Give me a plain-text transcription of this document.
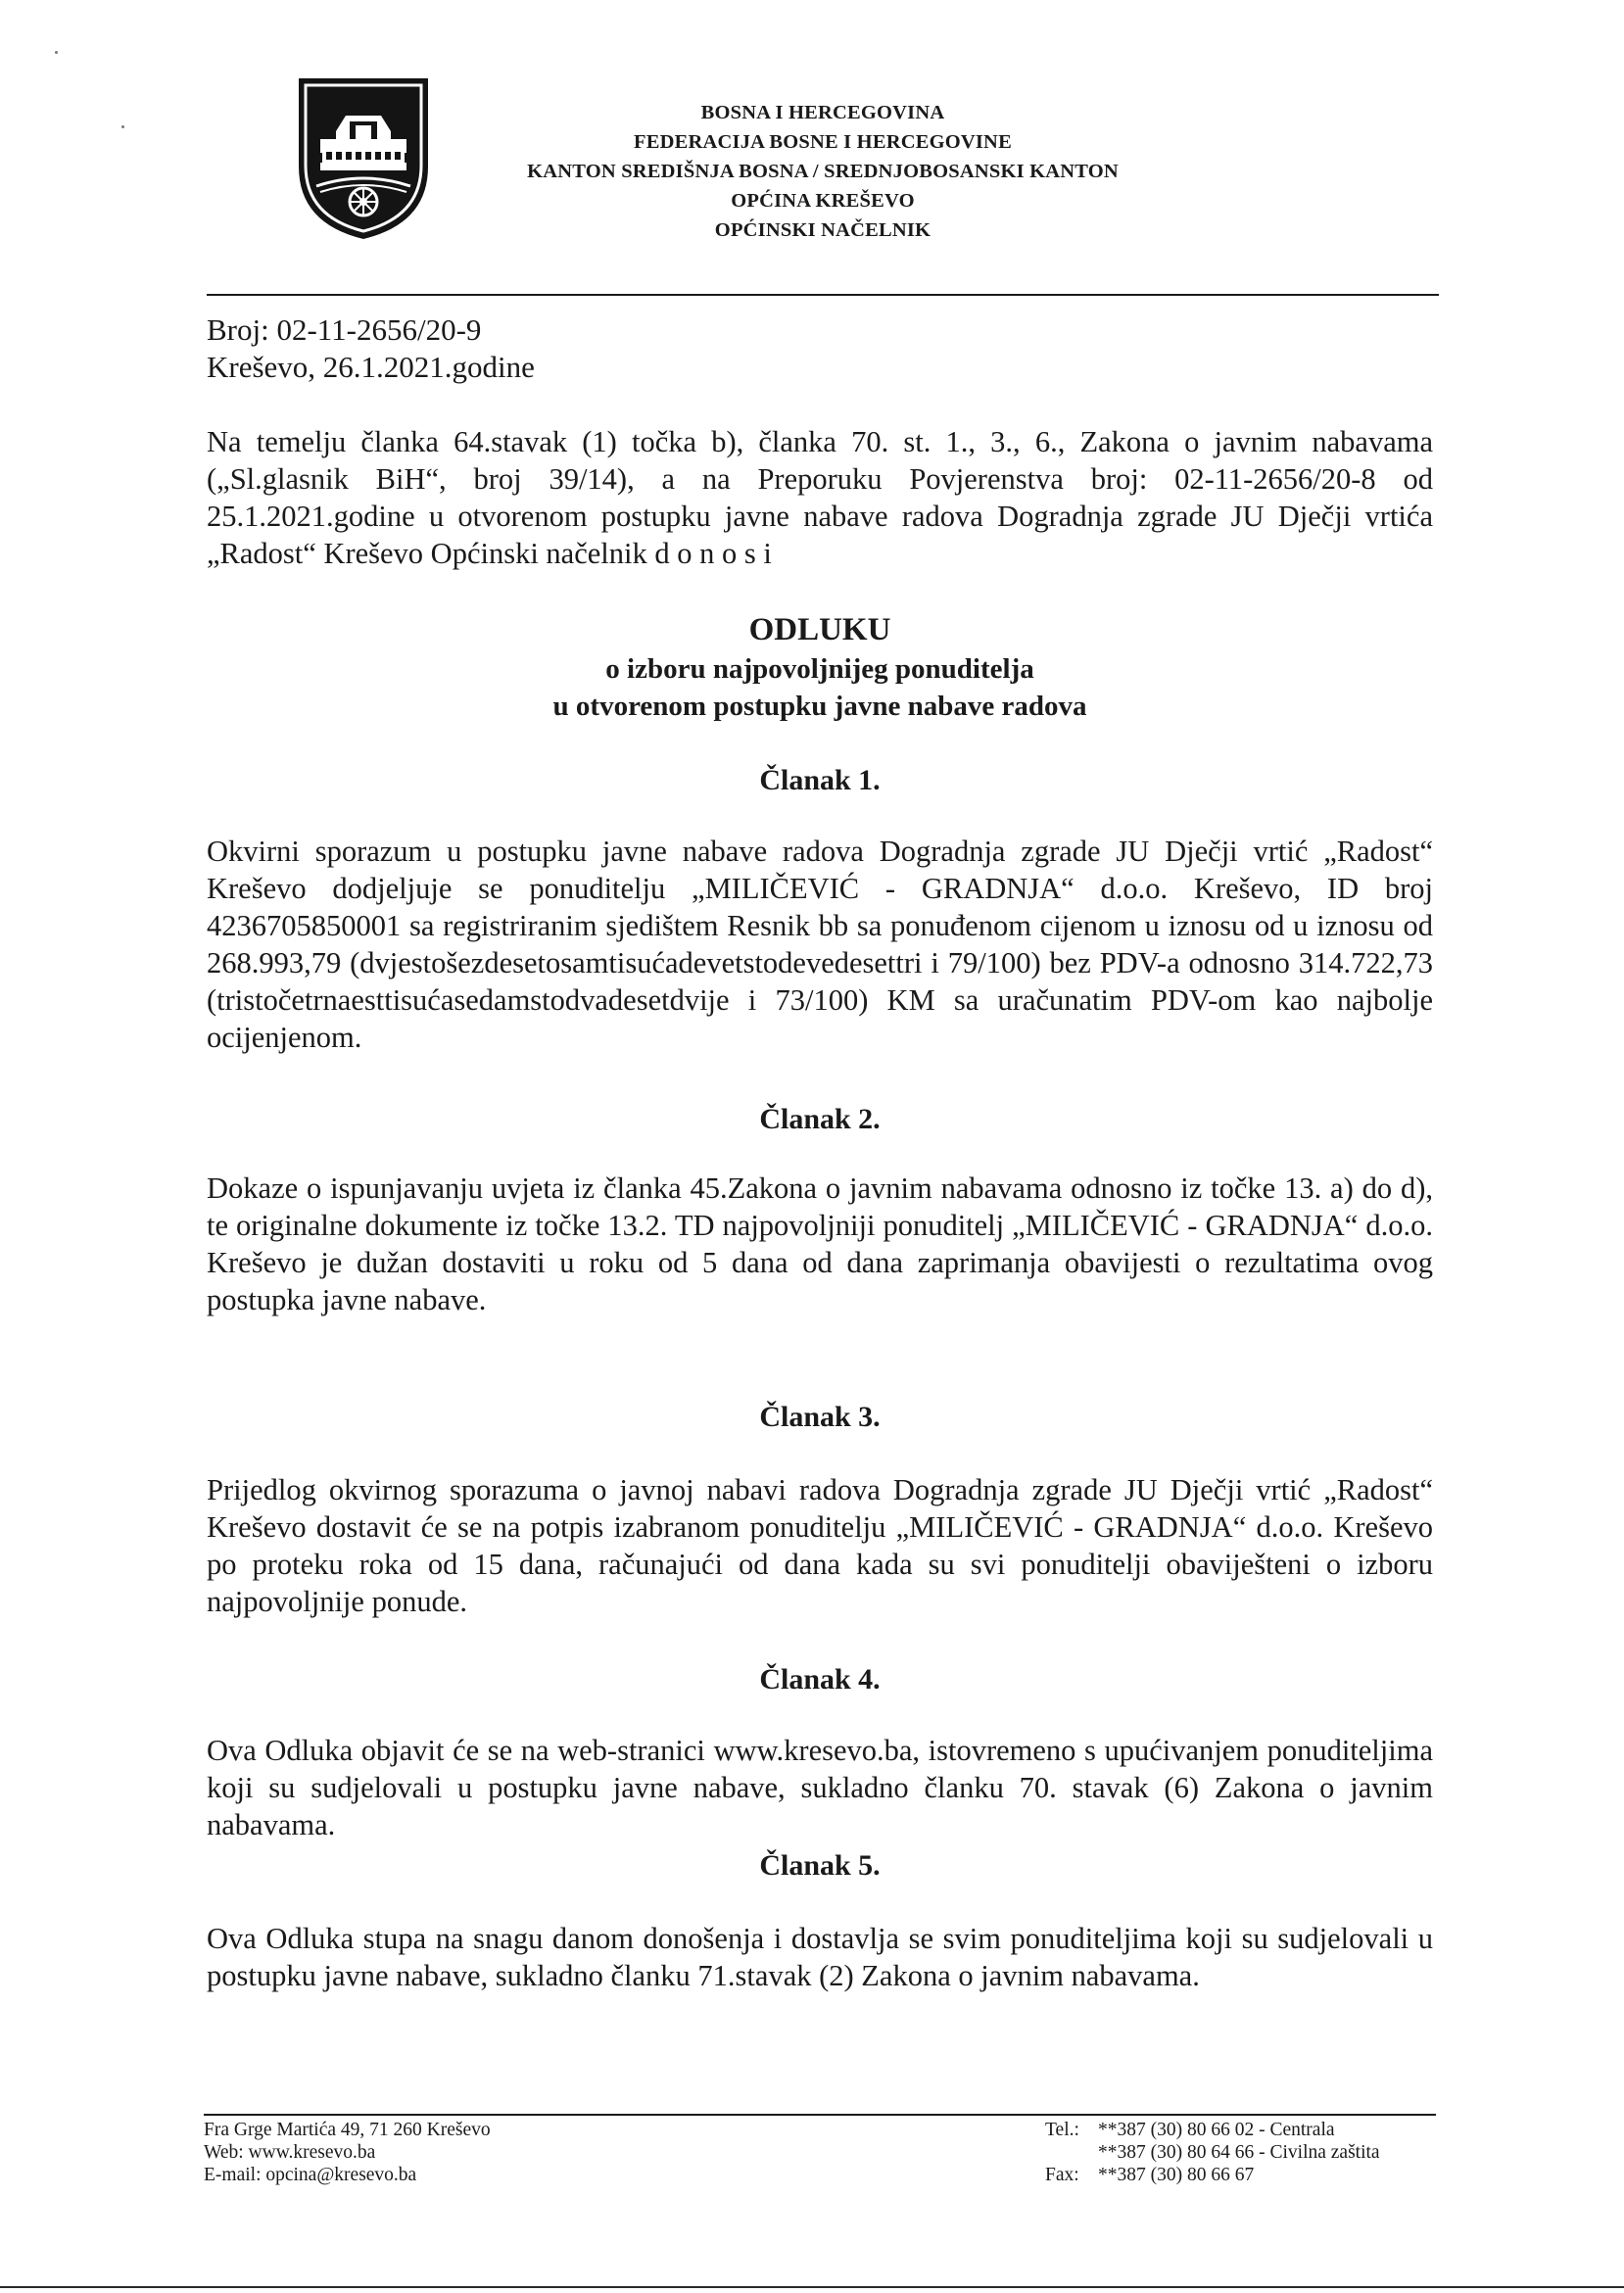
BOSNA I HERCEGOVINA
FEDERACIJA BOSNE I HERCEGOVINE
KANTON SREDIŠNJA BOSNA / SREDNJOBOSANSKI KANTON
OPĆINA KREŠEVO
OPĆINSKI NAČELNIK
Broj: 02-11-2656/20-9
Kreševo, 26.1.2021.godine
Na temelju članka 64.stavak (1) točka b), članka 70. st. 1., 3., 6., Zakona o javnim nabavama („Sl.glasnik BiH“, broj 39/14), a na Preporuku Povjerenstva broj: 02-11-2656/20-8 od 25.1.2021.godine u otvorenom postupku javne nabave radova Dogradnja zgrade JU Dječji vrtića „Radost“ Kreševo Općinski načelnik d o n o s i
ODLUKU
o izboru najpovoljnijeg ponuditelja
u otvorenom postupku javne nabave radova
Članak 1.
Okvirni sporazum u postupku javne nabave radova Dogradnja zgrade JU Dječji vrtić „Radost“ Kreševo dodjeljuje se ponuditelju „MILIČEVIĆ - GRADNJA“ d.o.o. Kreševo, ID broj 4236705850001 sa registriranim sjedištem Resnik bb sa ponuđenom cijenom u iznosu od u iznosu od 268.993,79 (dvjestošezdesetosamtisućadevetstodevedesettri i 79/100) bez PDV-a odnosno 314.722,73 (tristočetrnaesttisućasedamstodvadesetdvije i 73/100) KM sa uračunatim PDV-om kao najbolje ocijenjenom.
Članak 2.
Dokaze o ispunjavanju uvjeta iz članka 45.Zakona o javnim nabavama odnosno iz točke 13. a) do d), te originalne dokumente iz točke 13.2. TD najpovoljniji ponuditelj „MILIČEVIĆ - GRADNJA“ d.o.o. Kreševo je dužan dostaviti u roku od 5 dana od dana zaprimanja obavijesti o rezultatima ovog postupka javne nabave.
Članak 3.
Prijedlog okvirnog sporazuma o javnoj nabavi radova Dogradnja zgrade JU Dječji vrtić „Radost“ Kreševo dostavit će se na potpis izabranom ponuditelju „MILIČEVIĆ - GRADNJA“ d.o.o. Kreševo po proteku roka od 15 dana, računajući od dana kada su svi ponuditelji obaviješteni o izboru najpovoljnije ponude.
Članak 4.
Ova Odluka objavit će se na web-stranici www.kresevo.ba, istovremeno s upućivanjem ponuditeljima koji su sudjelovali u postupku javne nabave, sukladno članku 70. stavak (6) Zakona o javnim nabavama.
Članak 5.
Ova Odluka stupa na snagu danom donošenja i dostavlja se svim ponuditeljima koji su sudjelovali u postupku javne nabave, sukladno članku 71.stavak (2) Zakona o javnim nabavama.
Fra Grge Martića 49, 71 260 Kreševo
Web: www.kresevo.ba
E-mail: opcina@kresevo.ba
Tel.: **387 (30) 80 66 02 - Centrala
**387 (30) 80 64 66 - Civilna zaštita
Fax: **387 (30) 80 66 67
